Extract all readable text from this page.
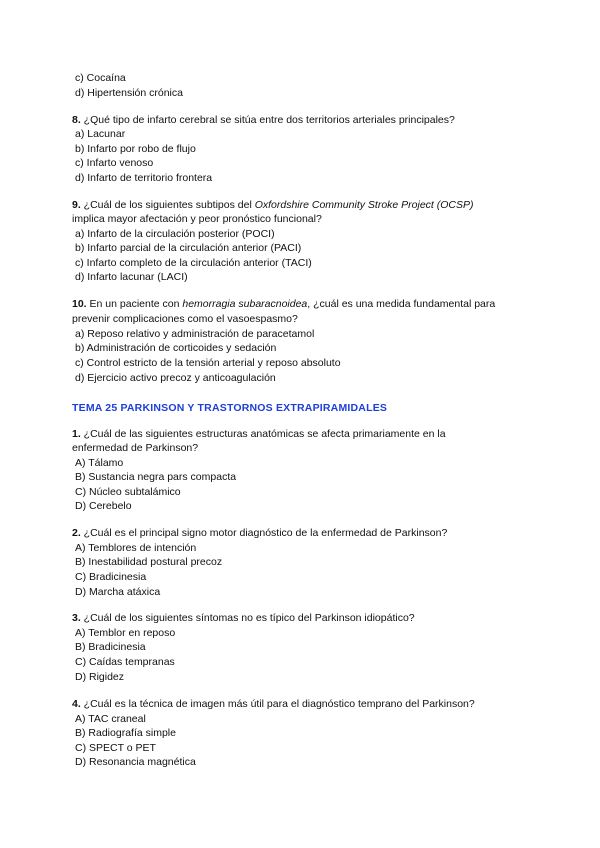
c) Cocaína
d) Hipertensión crónica
8. ¿Qué tipo de infarto cerebral se sitúa entre dos territorios arteriales principales?
a) Lacunar
b) Infarto por robo de flujo
c) Infarto venoso
d) Infarto de territorio frontera
9. ¿Cuál de los siguientes subtipos del Oxfordshire Community Stroke Project (OCSP)
implica mayor afectación y peor pronóstico funcional?
a) Infarto de la circulación posterior (POCI)
b) Infarto parcial de la circulación anterior (PACI)
c) Infarto completo de la circulación anterior (TACI)
d) Infarto lacunar (LACI)
10. En un paciente con hemorragia subaracnoidea, ¿cuál es una medida fundamental para
prevenir complicaciones como el vasoespasmo?
a) Reposo relativo y administración de paracetamol
b) Administración de corticoides y sedación
c) Control estricto de la tensión arterial y reposo absoluto
d) Ejercicio activo precoz y anticoagulación
TEMA 25 PARKINSON Y TRASTORNOS EXTRAPIRAMIDALES
1. ¿Cuál de las siguientes estructuras anatómicas se afecta primariamente en la
enfermedad de Parkinson?
A) Tálamo
B) Sustancia negra pars compacta
C) Núcleo subtalámico
D) Cerebelo
2. ¿Cuál es el principal signo motor diagnóstico de la enfermedad de Parkinson?
A) Temblores de intención
B) Inestabilidad postural precoz
C) Bradicinesia
D) Marcha atáxica
3. ¿Cuál de los siguientes síntomas no es típico del Parkinson idiopático?
A) Temblor en reposo
B) Bradicinesia
C) Caídas tempranas
D) Rigidez
4. ¿Cuál es la técnica de imagen más útil para el diagnóstico temprano del Parkinson?
A) TAC craneal
B) Radiografía simple
C) SPECT o PET
D) Resonancia magnética
